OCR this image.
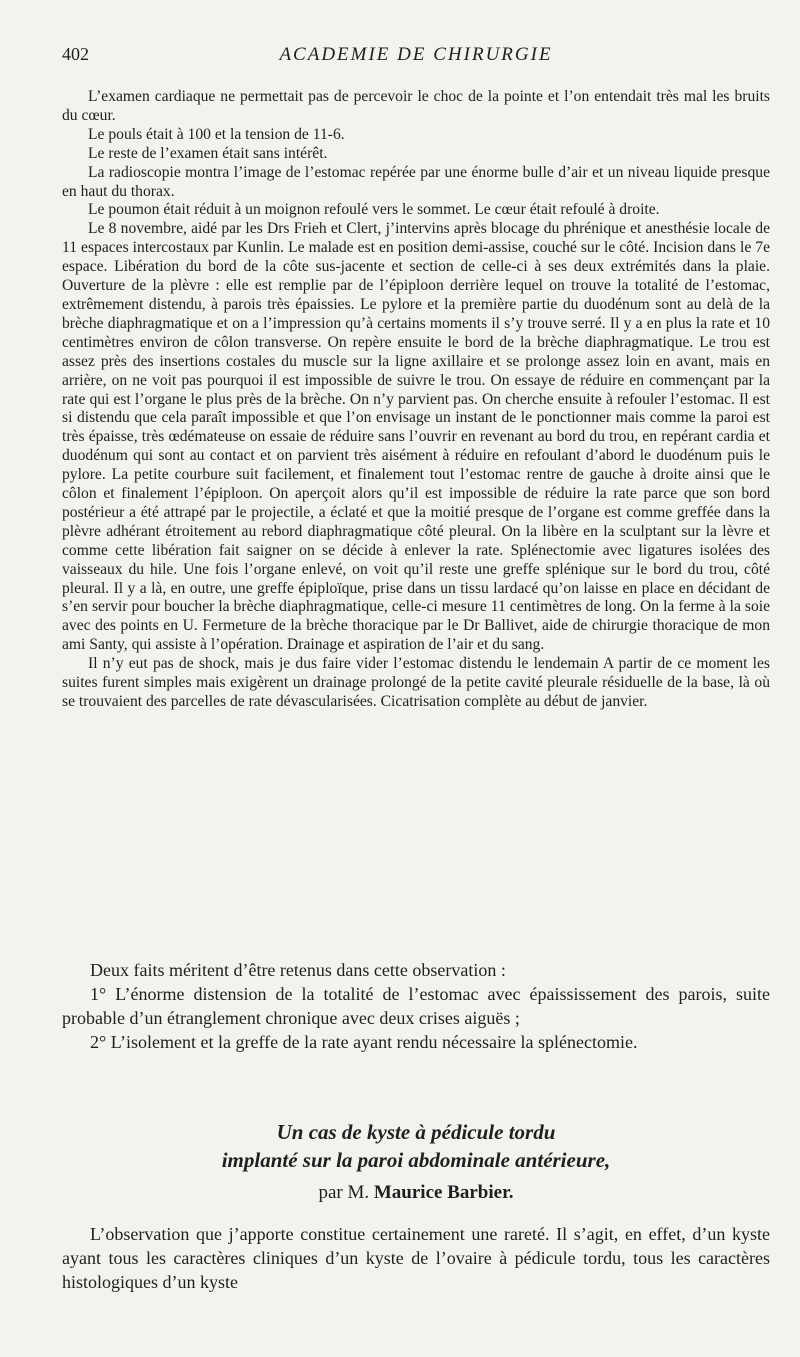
402	ACADEMIE DE CHIRURGIE

L’examen cardiaque ne permettait pas de percevoir le choc de la pointe et l’on entendait très mal les bruits du cœur.

Le pouls était à 100 et la tension de 11-6.

Le reste de l’examen était sans intérêt.

La radioscopie montra l’image de l’estomac repérée par une énorme bulle d’air et un niveau liquide presque en haut du thorax.

Le poumon était réduit à un moignon refoulé vers le sommet. Le cœur était refoulé à droite.

Le 8 novembre, aidé par les Drs Frieh et Clert, j’intervins après blocage du phrénique et anesthésie locale de 11 espaces intercostaux par Kunlin. Le malade est en position demi-assise, couché sur le côté. Incision dans le 7e espace. Libération du bord de la côte sus-jacente et section de celle-ci à ses deux extrémités dans la plaie. Ouverture de la plèvre : elle est remplie par de l’épiploon derrière lequel on trouve la totalité de l’estomac, extrêmement distendu, à parois très épaissies. Le pylore et la première partie du duodénum sont au delà de la brèche diaphragmatique et on a l’impression qu’à certains moments il s’y trouve serré. Il y a en plus la rate et 10 centimètres environ de côlon transverse. On repère ensuite le bord de la brèche diaphragmatique. Le trou est assez près des insertions costales du muscle sur la ligne axillaire et se prolonge assez loin en avant, mais en arrière, on ne voit pas pourquoi il est impossible de suivre le trou. On essaye de réduire en commençant par la rate qui est l’organe le plus près de la brèche. On n’y parvient pas. On cherche ensuite à refouler l’estomac. Il est si distendu que cela paraît impossible et que l’on envisage un instant de le ponctionner mais comme la paroi est très épaisse, très œdémateuse on essaie de réduire sans l’ouvrir en revenant au bord du trou, en repérant cardia et duodénum qui sont au contact et on parvient très aisément à réduire en refoulant d’abord le duodénum puis le pylore. La petite courbure suit facilement, et finalement tout l’estomac rentre de gauche à droite ainsi que le côlon et finalement l’épiploon. On aperçoit alors qu’il est impossible de réduire la rate parce que son bord postérieur a été attrapé par le projectile, a éclaté et que la moitié presque de l’organe est comme greffée dans la plèvre adhérant étroitement au rebord diaphragmatique côté pleural. On la libère en la sculptant sur la lèvre et comme cette libération fait saigner on se décide à enlever la rate. Splénectomie avec ligatures isolées des vaisseaux du hile. Une fois l’organe enlevé, on voit qu’il reste une greffe splénique sur le bord du trou, côté pleural. Il y a là, en outre, une greffe épiploïque, prise dans un tissu lardacé qu’on laisse en place en décidant de s’en servir pour boucher la brèche diaphragmatique, celle-ci mesure 11 centimètres de long. On la ferme à la soie avec des points en U. Fermeture de la brèche thoracique par le Dr Ballivet, aide de chirurgie thoracique de mon ami Santy, qui assiste à l’opération. Drainage et aspiration de l’air et du sang.

Il n’y eut pas de shock, mais je dus faire vider l’estomac distendu le lendemain A partir de ce moment les suites furent simples mais exigèrent un drainage prolongé de la petite cavité pleurale résiduelle de la base, là où se trouvaient des parcelles de rate dévascularisées. Cicatrisation complète au début de janvier.

Deux faits méritent d’être retenus dans cette observation :

1° L’énorme distension de la totalité de l’estomac avec épaississement des parois, suite probable d’un étranglement chronique avec deux crises aiguës ;

2° L’isolement et la greffe de la rate ayant rendu nécessaire la splénectomie.

Un cas de kyste à pédicule tordu
implanté sur la paroi abdominale antérieure,

par M. Maurice Barbier.

L’observation que j’apporte constitue certainement une rareté. Il s’agit, en effet, d’un kyste ayant tous les caractères cliniques d’un kyste de l’ovaire à pédicule tordu, tous les caractères histologiques d’un kyste
